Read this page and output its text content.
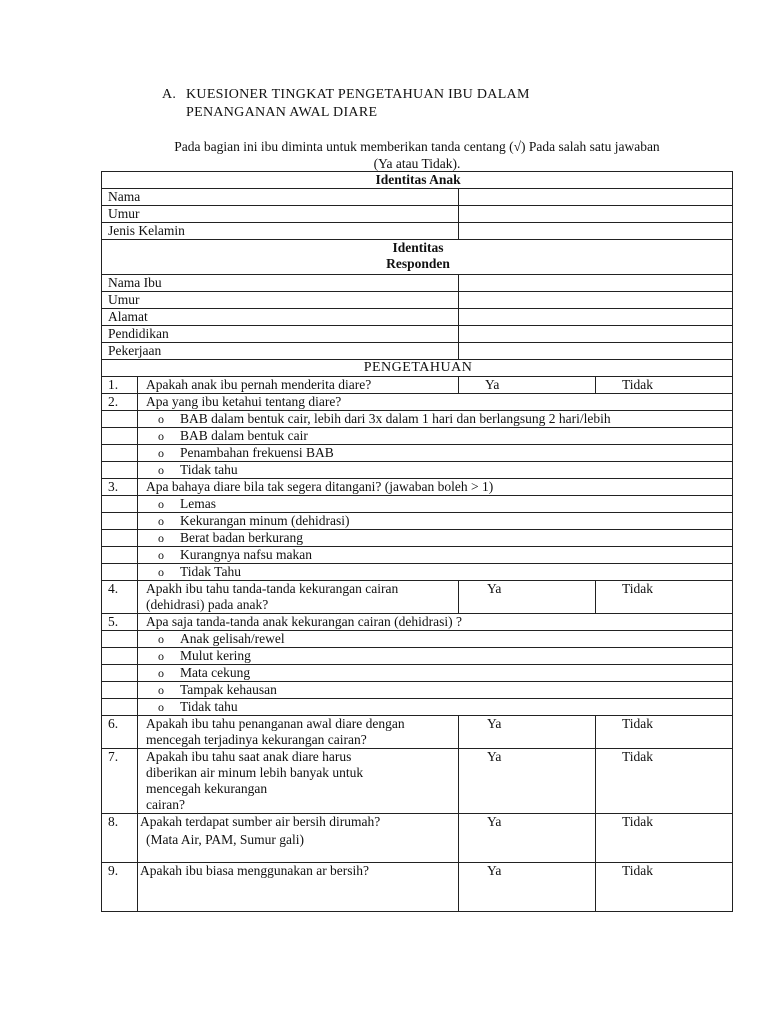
A. KUESIONER TINGKAT PENGETAHUAN IBU DALAM
PENANGANAN AWAL DIARE
Pada bagian ini ibu diminta untuk memberikan tanda centang (√) Pada salah satu jawaban
(Ya atau Tidak).
Identitas Anak			
Nama			
Umur			
Jenis Kelamin			

Identitas
Responden			

Nama Ibu			
Umur			
Alamat			
Pendidikan			
Pekerjaan			
PENGETAHUAN			
1.	Apakah anak ibu pernah menderita diare?	Ya	Tidak
2.	Apa yang ibu ketahui tentang diare?		

	o BAB dalam bentuk cair, lebih dari 3x dalam 1 hari dan berlangsung 2 hari/lebih		

	o BAB dalam bentuk cair		

	o Penambahan frekuensi BAB		

	o Tidak tahu		

3.	Apa bahaya diare bila tak segera ditangani? (jawaban boleh > 1)		

	o Lemas		

	o Kekurangan minum (dehidrasi)		

	o Berat badan berkurang		

	o Kurangnya nafsu makan		

	o Tidak Tahu		

4.	Apakh ibu tahu tanda-tanda kekurangan cairan
(dehidrasi) pada anak?	Ya	Tidak
5.	Apa saja tanda-tanda anak kekurangan cairan (dehidrasi) ?		

	o Anak gelisah/rewel		

	o Mulut kering		

	o Mata cekung		

	o Tampak kehausan		

	o Tidak tahu		

6.	Apakah ibu tahu penanganan awal diare dengan
mencegah terjadinya kekurangan cairan?	Ya	Tidak
7.	Apakah ibu tahu saat anak diare harus
diberikan air minum lebih banyak untuk
mencegah kekurangan
cairan?	Ya	Tidak
8.	Apakah terdapat sumber air bersih dirumah?
(Mata Air, PAM, Sumur gali)	Ya	Tidak
9.	Apakah ibu biasa menggunakan ar bersih?	Ya	Tidak
